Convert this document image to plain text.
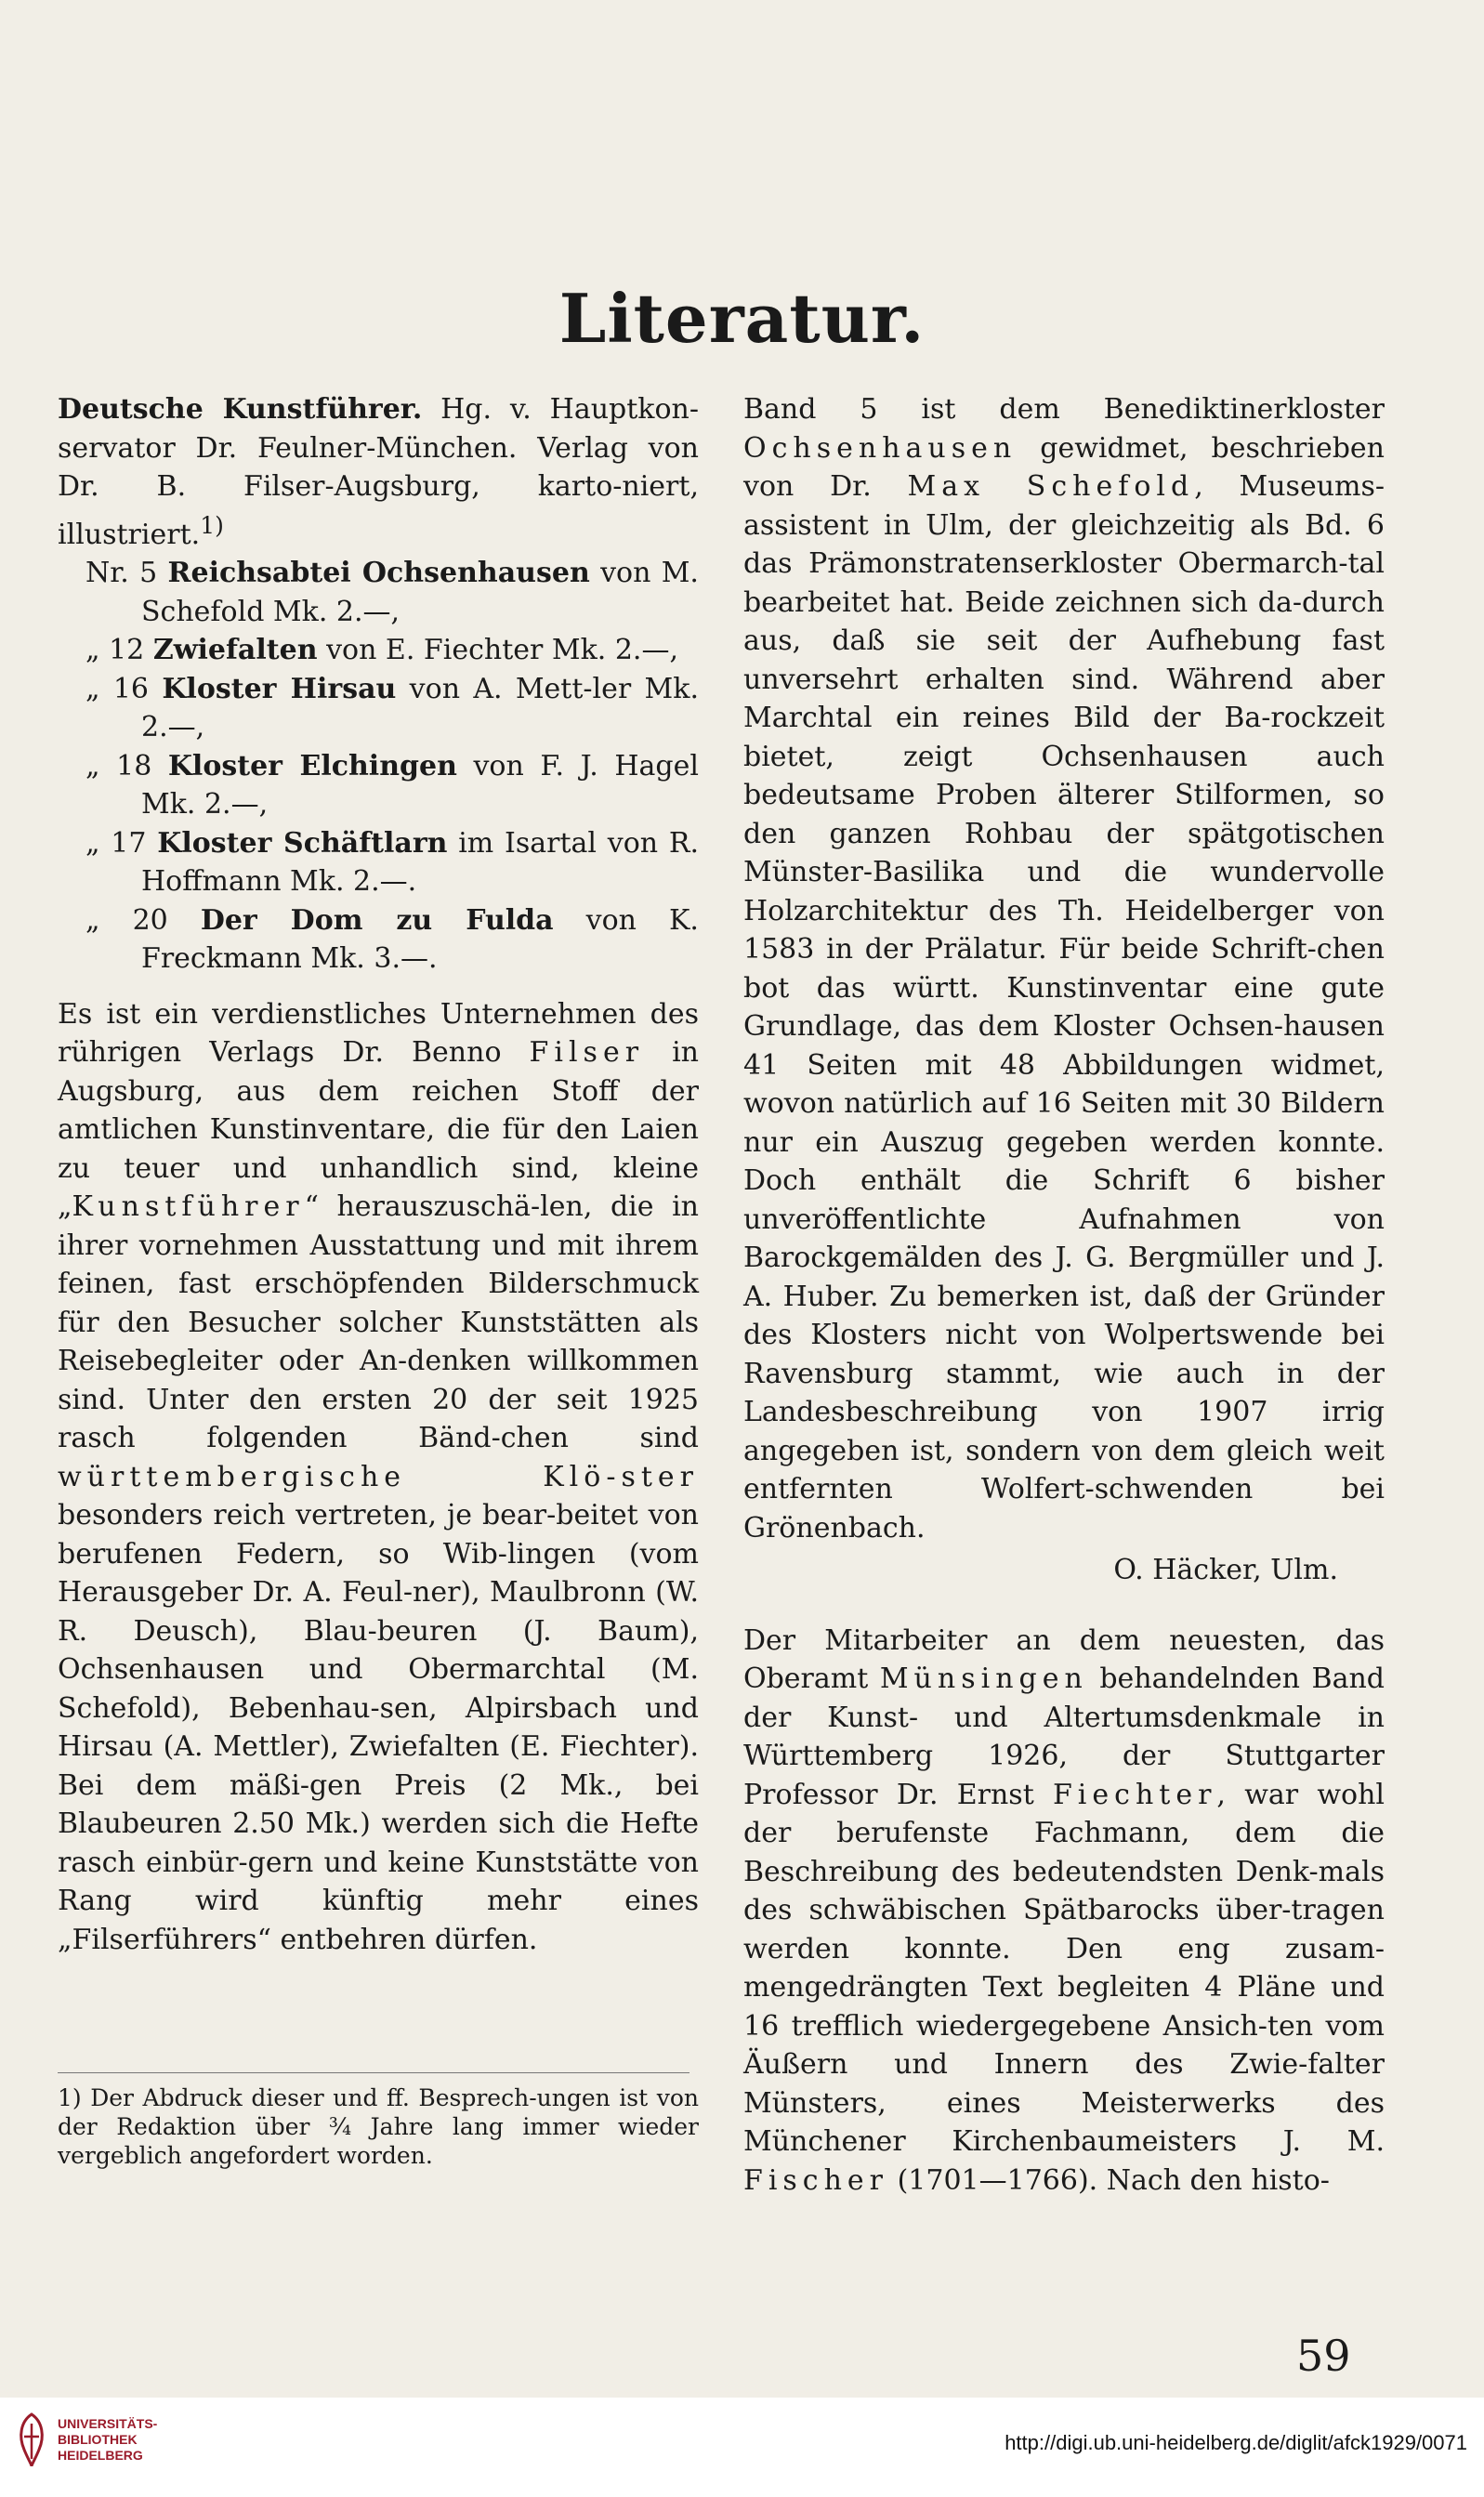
Literatur.

Deutsche Kunstführer. Hg. v. Hauptkon-servator Dr. Feulner-München. Verlag von Dr. B. Filser-Augsburg, karto-niert, illustriert.$^{1)}$

Nr. 5 Reichsabtei Ochsenhausen von M. Schefold Mk. 2.—,
„ 12 Zwiefalten von E. Fiechter Mk. 2.—,
„ 16 Kloster Hirsau von A. Mett-ler Mk. 2.—,
„ 18 Kloster Elchingen von F. J. Hagel Mk. 2.—,
„ 17 Kloster Schäftlarn im Isartal von R. Hoffmann Mk. 2.—.
„ 20 Der Dom zu Fulda von K. Freckmann Mk. 3.—.

Es ist ein verdienstliches Unternehmen des rührigen Verlags Dr. Benno Filser in Augsburg, aus dem reichen Stoff der amtlichen Kunstinventare, die für den Laien zu teuer und unhandlich sind, kleine „Kunstführer“ herauszuschä-len, die in ihrer vornehmen Ausstattung und mit ihrem feinen, fast erschöpfenden Bilderschmuck für den Besucher solcher Kunststätten als Reisebegleiter oder An-denken willkommen sind. Unter den ersten 20 der seit 1925 rasch folgenden Bänd-chen sind württembergische Klö-ster besonders reich vertreten, je bear-beitet von berufenen Federn, so Wib-lingen (vom Herausgeber Dr. A. Feul-ner), Maulbronn (W. R. Deusch), Blau-beuren (J. Baum), Ochsenhausen und Obermarchtal (M. Schefold), Bebenhau-sen, Alpirsbach und Hirsau (A. Mettler), Zwiefalten (E. Fiechter). Bei dem mäßi-gen Preis (2 Mk., bei Blaubeuren 2.50 Mk.) werden sich die Hefte rasch einbür-gern und keine Kunststätte von Rang wird künftig mehr eines „Filserführers“ entbehren dürfen.

Band 5 ist dem Benediktinerkloster Ochsenhausen gewidmet, beschrieben von Dr. Max Schefold, Museums-assistent in Ulm, der gleichzeitig als Bd. 6 das Prämonstratenserkloster Obermarch-tal bearbeitet hat. Beide zeichnen sich da-durch aus, daß sie seit der Aufhebung fast unversehrt erhalten sind. Während aber Marchtal ein reines Bild der Ba-rockzeit bietet, zeigt Ochsenhausen auch bedeutsame Proben älterer Stilformen, so den ganzen Rohbau der spätgotischen Münster-Basilika und die wundervolle Holzarchitektur des Th. Heidelberger von 1583 in der Prälatur. Für beide Schrift-chen bot das württ. Kunstinventar eine gute Grundlage, das dem Kloster Ochsen-hausen 41 Seiten mit 48 Abbildungen widmet, wovon natürlich auf 16 Seiten mit 30 Bildern nur ein Auszug gegeben werden konnte. Doch enthält die Schrift 6 bisher unveröffentlichte Aufnahmen von Barockgemälden des J. G. Bergmüller und J. A. Huber. Zu bemerken ist, daß der Gründer des Klosters nicht von Wolpertswende bei Ravensburg stammt, wie auch in der Landesbeschreibung von 1907 irrig angegeben ist, sondern von dem gleich weit entfernten Wolfert-schwenden bei Grönenbach.

O. Häcker, Ulm.

Der Mitarbeiter an dem neuesten, das Oberamt Münsingen behandelnden Band der Kunst- und Altertumsdenkmale in Württemberg 1926, der Stuttgarter Professor Dr. Ernst Fiechter, war wohl der berufenste Fachmann, dem die Beschreibung des bedeutendsten Denk-mals des schwäbischen Spätbarocks über-tragen werden konnte. Den eng zusam-mengedrängten Text begleiten 4 Pläne und 16 trefflich wiedergegebene Ansich-ten vom Äußern und Innern des Zwie-falter Münsters, eines Meisterwerks des Münchener Kirchenbaumeisters J. M. Fischer (1701—1766). Nach den histo-

1) Der Abdruck dieser und ff. Besprech-ungen ist von der Redaktion über ¾ Jahre lang immer wieder vergeblich angefordert worden.
59
UNIVERSITÄTS-
BIBLIOTHEK
HEIDELBERG
http://digi.ub.uni-heidelberg.de/diglit/afck1929/0071
